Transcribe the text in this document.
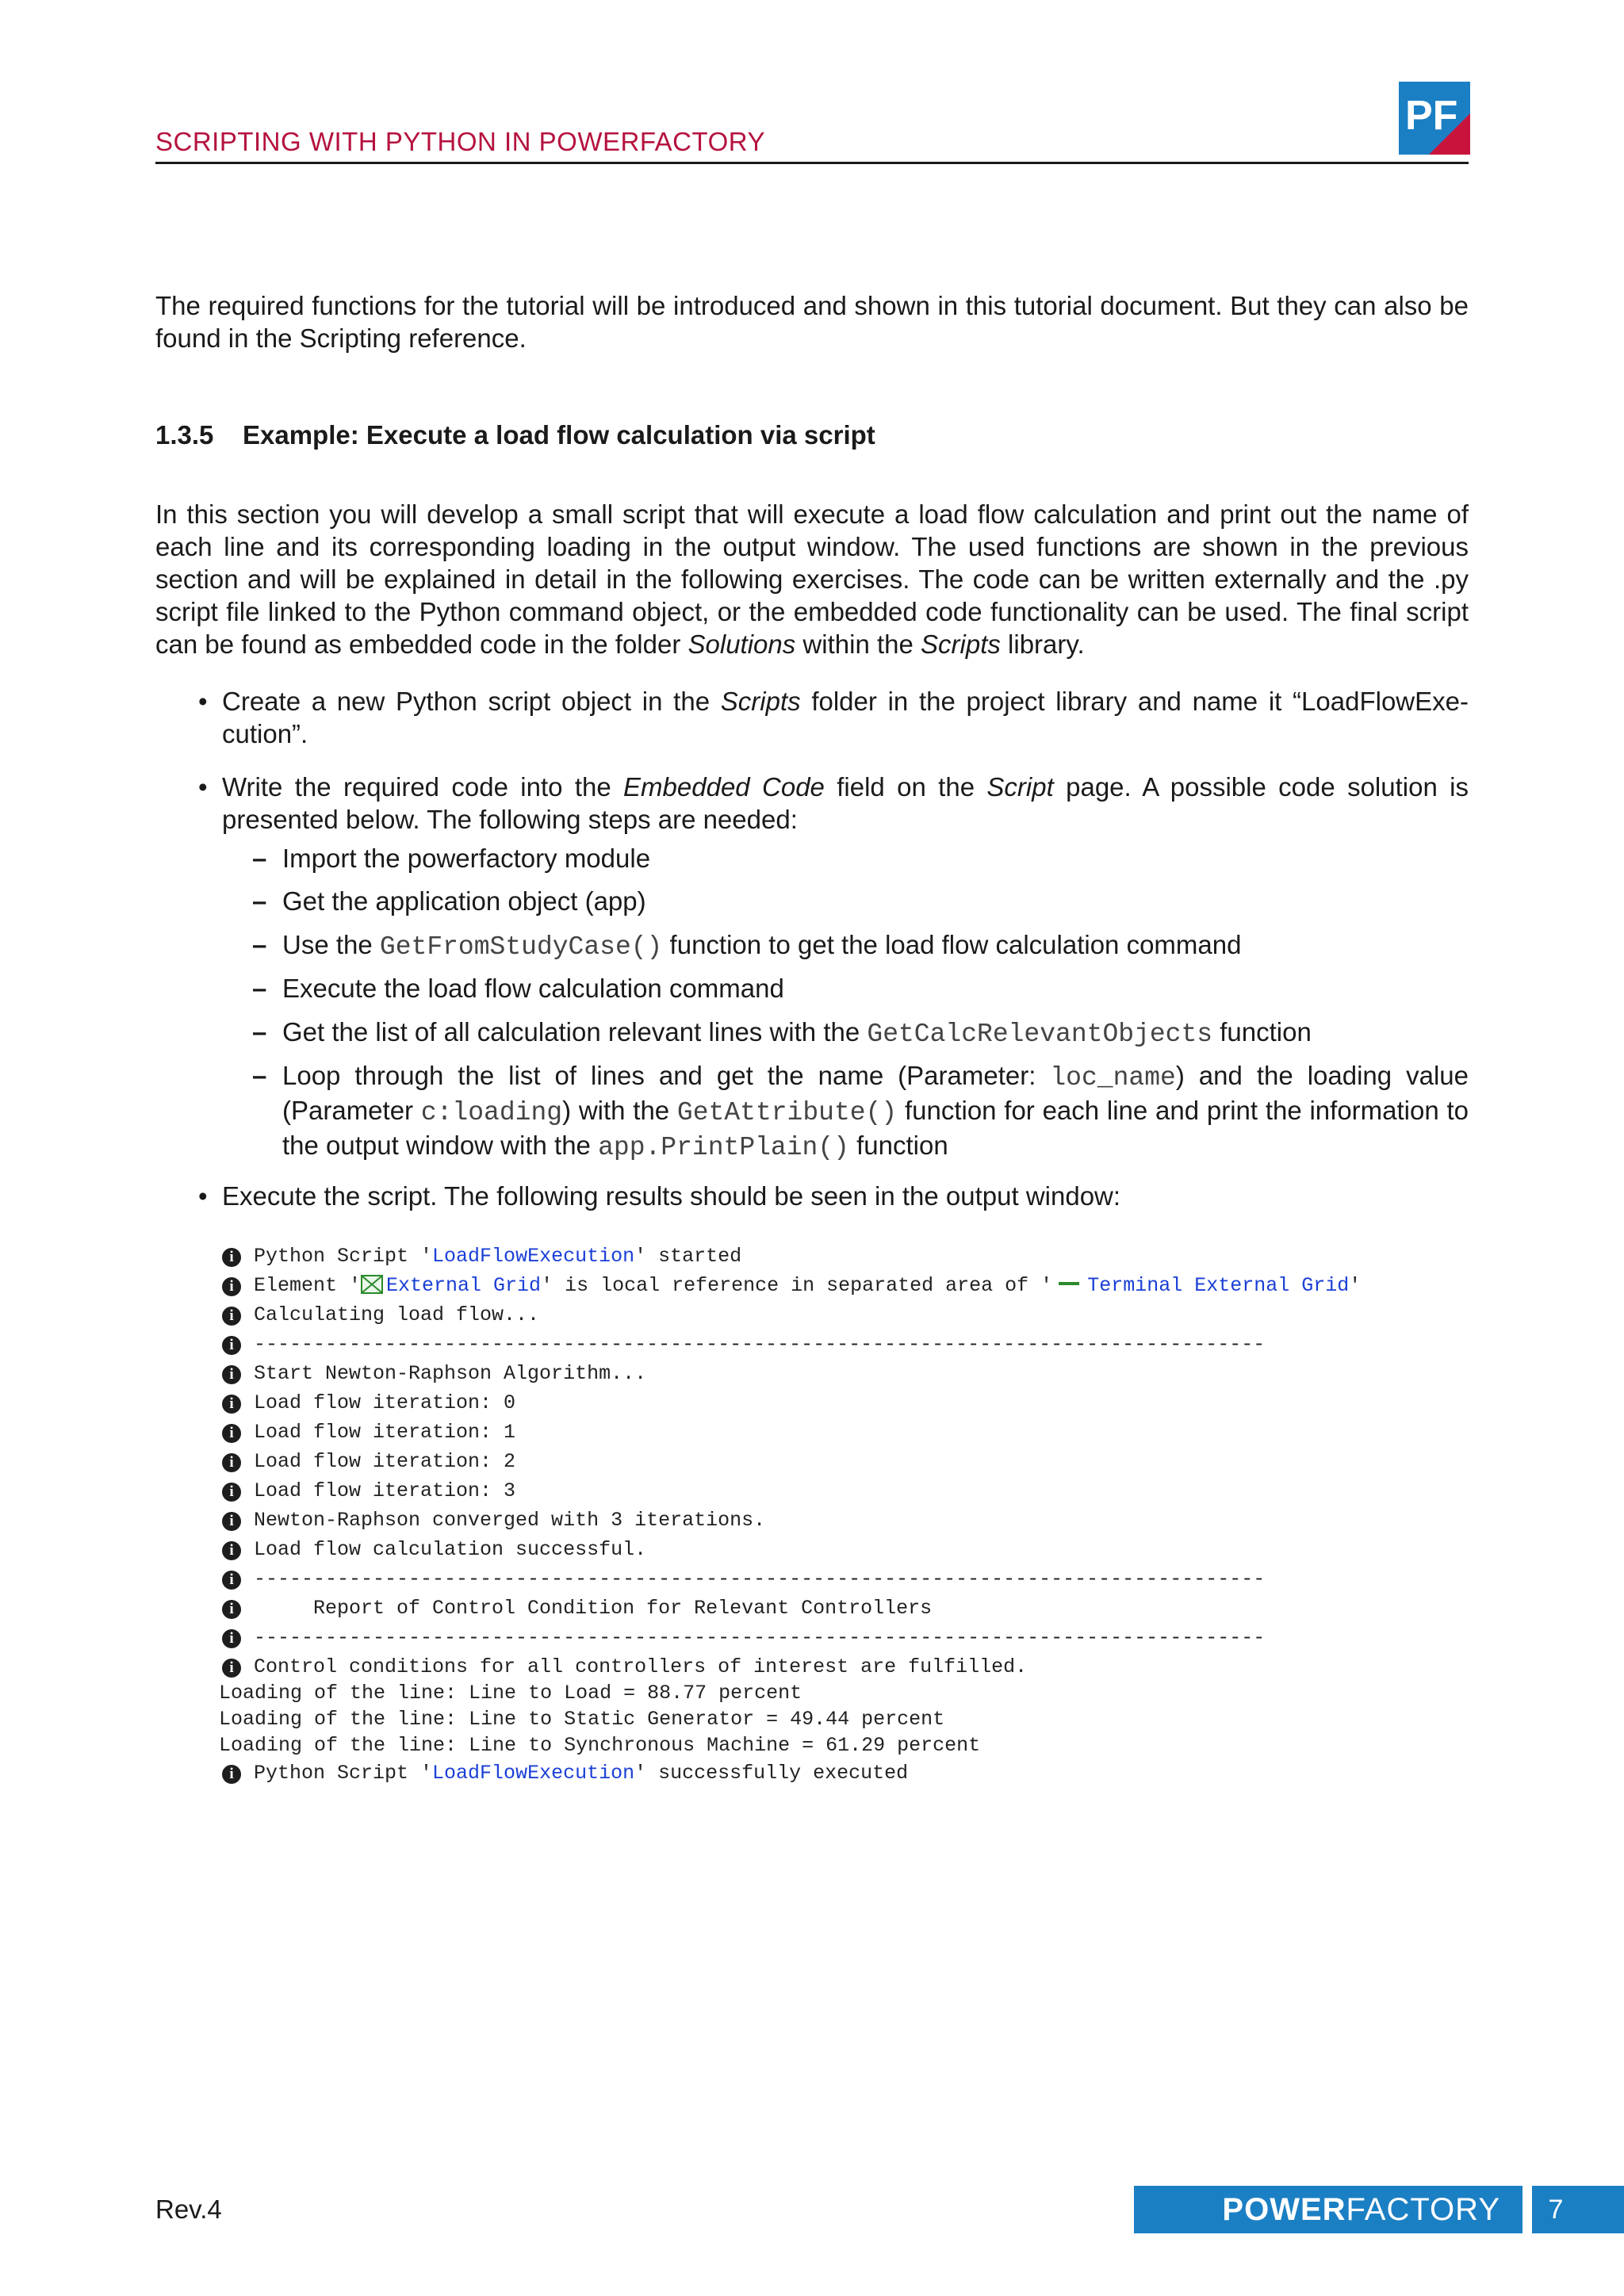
SCRIPTING WITH PYTHON IN POWERFACTORY
PF
The required functions for the tutorial will be introduced and shown in this tutorial document. But they can also be found in the Scripting reference.
1.3.5 Example: Execute a load flow calculation via script
In this section you will develop a small script that will execute a load flow calculation and print out the name of each line and its corresponding loading in the output window. The used functions are shown in the previous section and will be explained in detail in the following exercises. The code can be written externally and the .py script file linked to the Python command object, or the embedded code functionality can be used. The final script can be found as embedded code in the folder Solutions within the Scripts library.
• Create a new Python script object in the Scripts folder in the project library and name it “LoadFlowExe-cution”.
• Write the required code into the Embedded Code field on the Script page. A possible code solution is presented below. The following steps are needed:
– Import the powerfactory module
– Get the application object (app)
– Use the GetFromStudyCase() function to get the load flow calculation command
– Execute the load flow calculation command
– Get the list of all calculation relevant lines with the GetCalcRelevantObjects function
– Loop through the list of lines and get the name (Parameter: loc_name) and the loading value (Parameter c:loading) with the GetAttribute() function for each line and print the information to the output window with the app.PrintPlain() function
• Execute the script. The following results should be seen in the output window:
i	Python Script 'LoadFlowExecution' started
i	Element ' External Grid' is local reference in separated area of ' Terminal External Grid'
i	Calculating load flow...
i	-------------------------------------------------------------------------------------
i	Start Newton-Raphson Algorithm...
i	Load flow iteration: 0
i	Load flow iteration: 1
i	Load flow iteration: 2
i	Load flow iteration: 3
i	Newton-Raphson converged with 3 iterations.
i	Load flow calculation successful.
i	-------------------------------------------------------------------------------------
i	Report of Control Condition for Relevant Controllers
i	-------------------------------------------------------------------------------------
i	Control conditions for all controllers of interest are fulfilled.
Loading of the line: Line to Load = 88.77 percent
Loading of the line: Line to Static Generator = 49.44 percent
Loading of the line: Line to Synchronous Machine = 61.29 percent
i	Python Script 'LoadFlowExecution' successfully executed
Rev.4	POWERFACTORY	7
